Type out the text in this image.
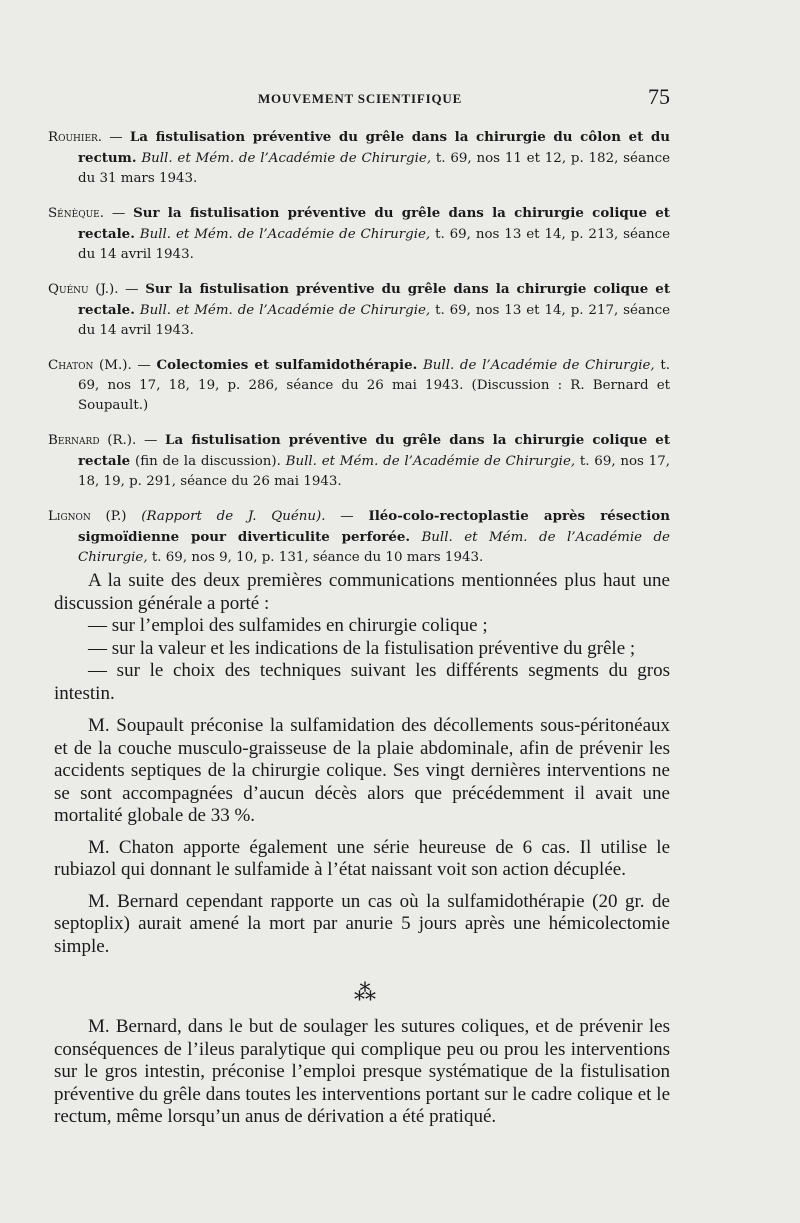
MOUVEMENT SCIENTIFIQUE	75

Rouhier. — La fistulisation préventive du grêle dans la chirurgie du côlon et du rectum. Bull. et Mém. de l’Académie de Chirurgie, t. 69, nos 11 et 12, p. 182, séance du 31 mars 1943.

Sénèque. — Sur la fistulisation préventive du grêle dans la chirurgie colique et rectale. Bull. et Mém. de l’Académie de Chirurgie, t. 69, nos 13 et 14, p. 213, séance du 14 avril 1943.

Quénu (J.). — Sur la fistulisation préventive du grêle dans la chirurgie colique et rectale. Bull. et Mém. de l’Académie de Chirurgie, t. 69, nos 13 et 14, p. 217, séance du 14 avril 1943.

Chaton (M.). — Colectomies et sulfamidothérapie. Bull. de l’Académie de Chirurgie, t. 69, nos 17, 18, 19, p. 286, séance du 26 mai 1943. (Discussion : R. Bernard et Soupault.)

Bernard (R.). — La fistulisation préventive du grêle dans la chirurgie colique et rectale (fin de la discussion). Bull. et Mém. de l’Académie de Chirurgie, t. 69, nos 17, 18, 19, p. 291, séance du 26 mai 1943.

Lignon (P.) (Rapport de J. Quénu). — Iléo-colo-rectoplastie après résection sigmoïdienne pour diverticulite perforée. Bull. et Mém. de l’Académie de Chirurgie, t. 69, nos 9, 10, p. 131, séance du 10 mars 1943.

A la suite des deux premières communications mentionnées plus haut une discussion générale a porté :

— sur l’emploi des sulfamides en chirurgie colique ;

— sur la valeur et les indications de la fistulisation préventive du grêle ;

— sur le choix des techniques suivant les différents segments du gros intestin.

M. Soupault préconise la sulfamidation des décollements sous-péritonéaux et de la couche musculo-graisseuse de la plaie abdominale, afin de prévenir les accidents septiques de la chirurgie colique. Ses vingt dernières interventions ne se sont accompagnées d’aucun décès alors que précédemment il avait une mortalité globale de 33 %.

M. Chaton apporte également une série heureuse de 6 cas. Il utilise le rubiazol qui donnant le sulfamide à l’état naissant voit son action décuplée.

M. Bernard cependant rapporte un cas où la sulfamidothérapie (20 gr. de septoplix) aurait amené la mort par anurie 5 jours après une hémicolectomie simple.

⁂

M. Bernard, dans le but de soulager les sutures coliques, et de prévenir les conséquences de l’ileus paralytique qui complique peu ou prou les interventions sur le gros intestin, préconise l’emploi presque systématique de la fistulisation préventive du grêle dans toutes les interventions portant sur le cadre colique et le rectum, même lorsqu’un anus de dérivation a été pratiqué.
